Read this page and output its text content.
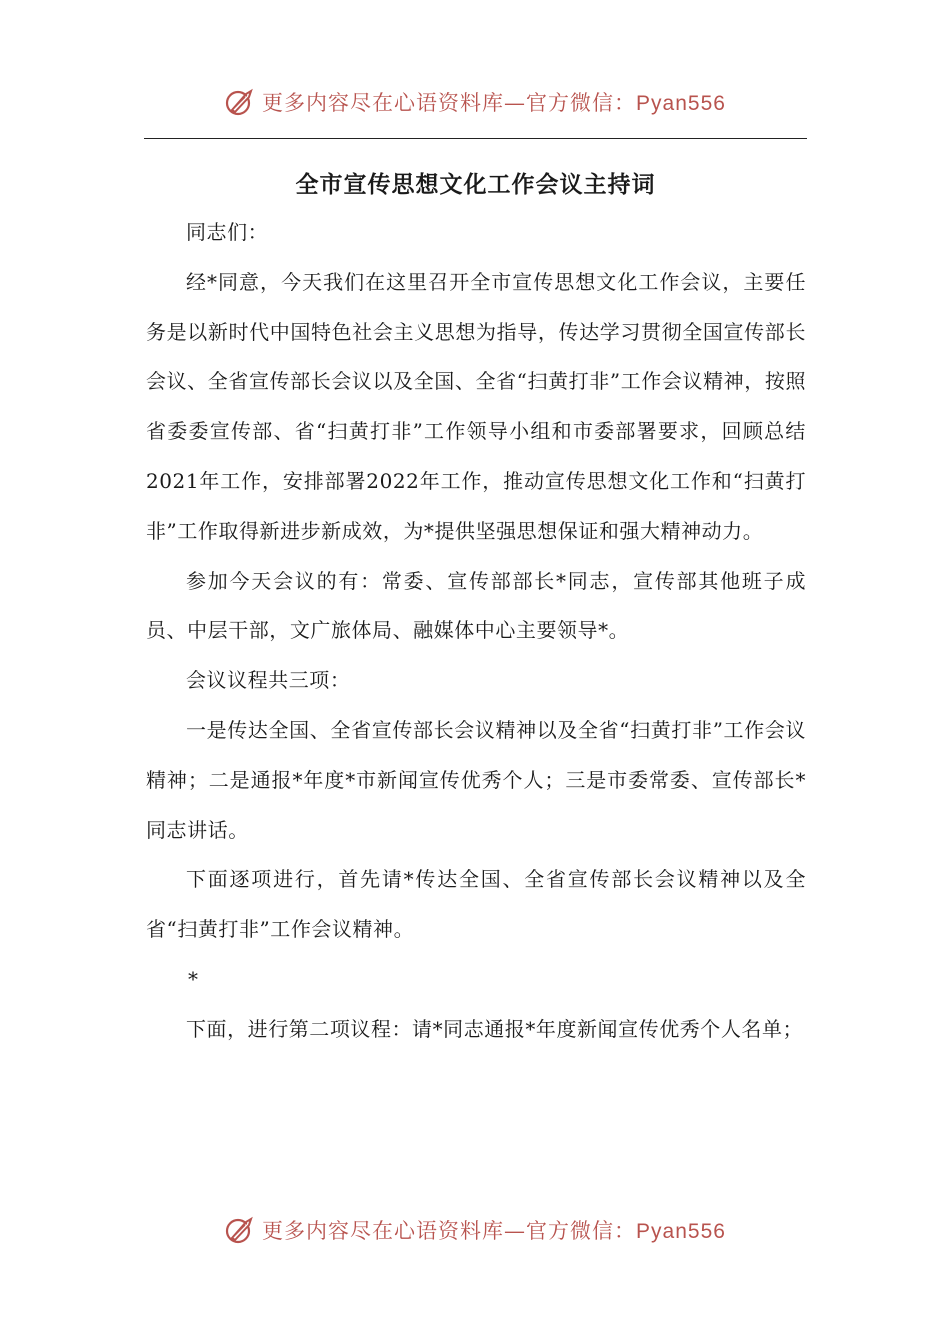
更多内容尽在心语资料库—官方微信：Pyan556
全市宣传思想文化工作会议主持词

同志们：

经*同意，今天我们在这里召开全市宣传思想文化工作会议，主要任务是以新时代中国特色社会主义思想为指导，传达学习贯彻全国宣传部长会议、全省宣传部长会议以及全国、全省“扫黄打非”工作会议精神，按照省委委宣传部、省“扫黄打非”工作领导小组和市委部署要求，回顾总结2021年工作，安排部署2022年工作，推动宣传思想文化工作和“扫黄打非”工作取得新进步新成效，为*提供坚强思想保证和强大精神动力。

参加今天会议的有：常委、宣传部部长*同志，宣传部其他班子成员、中层干部，文广旅体局、融媒体中心主要领导*。

会议议程共三项：

一是传达全国、全省宣传部长会议精神以及全省“扫黄打非”工作会议精神；二是通报*年度*市新闻宣传优秀个人；三是市委常委、宣传部长*同志讲话。

下面逐项进行，首先请*传达全国、全省宣传部长会议精神以及全省“扫黄打非”工作会议精神。

*

下面，进行第二项议程：请*同志通报*年度新闻宣传优秀个人名单；

更多内容尽在心语资料库—官方微信：Pyan556
